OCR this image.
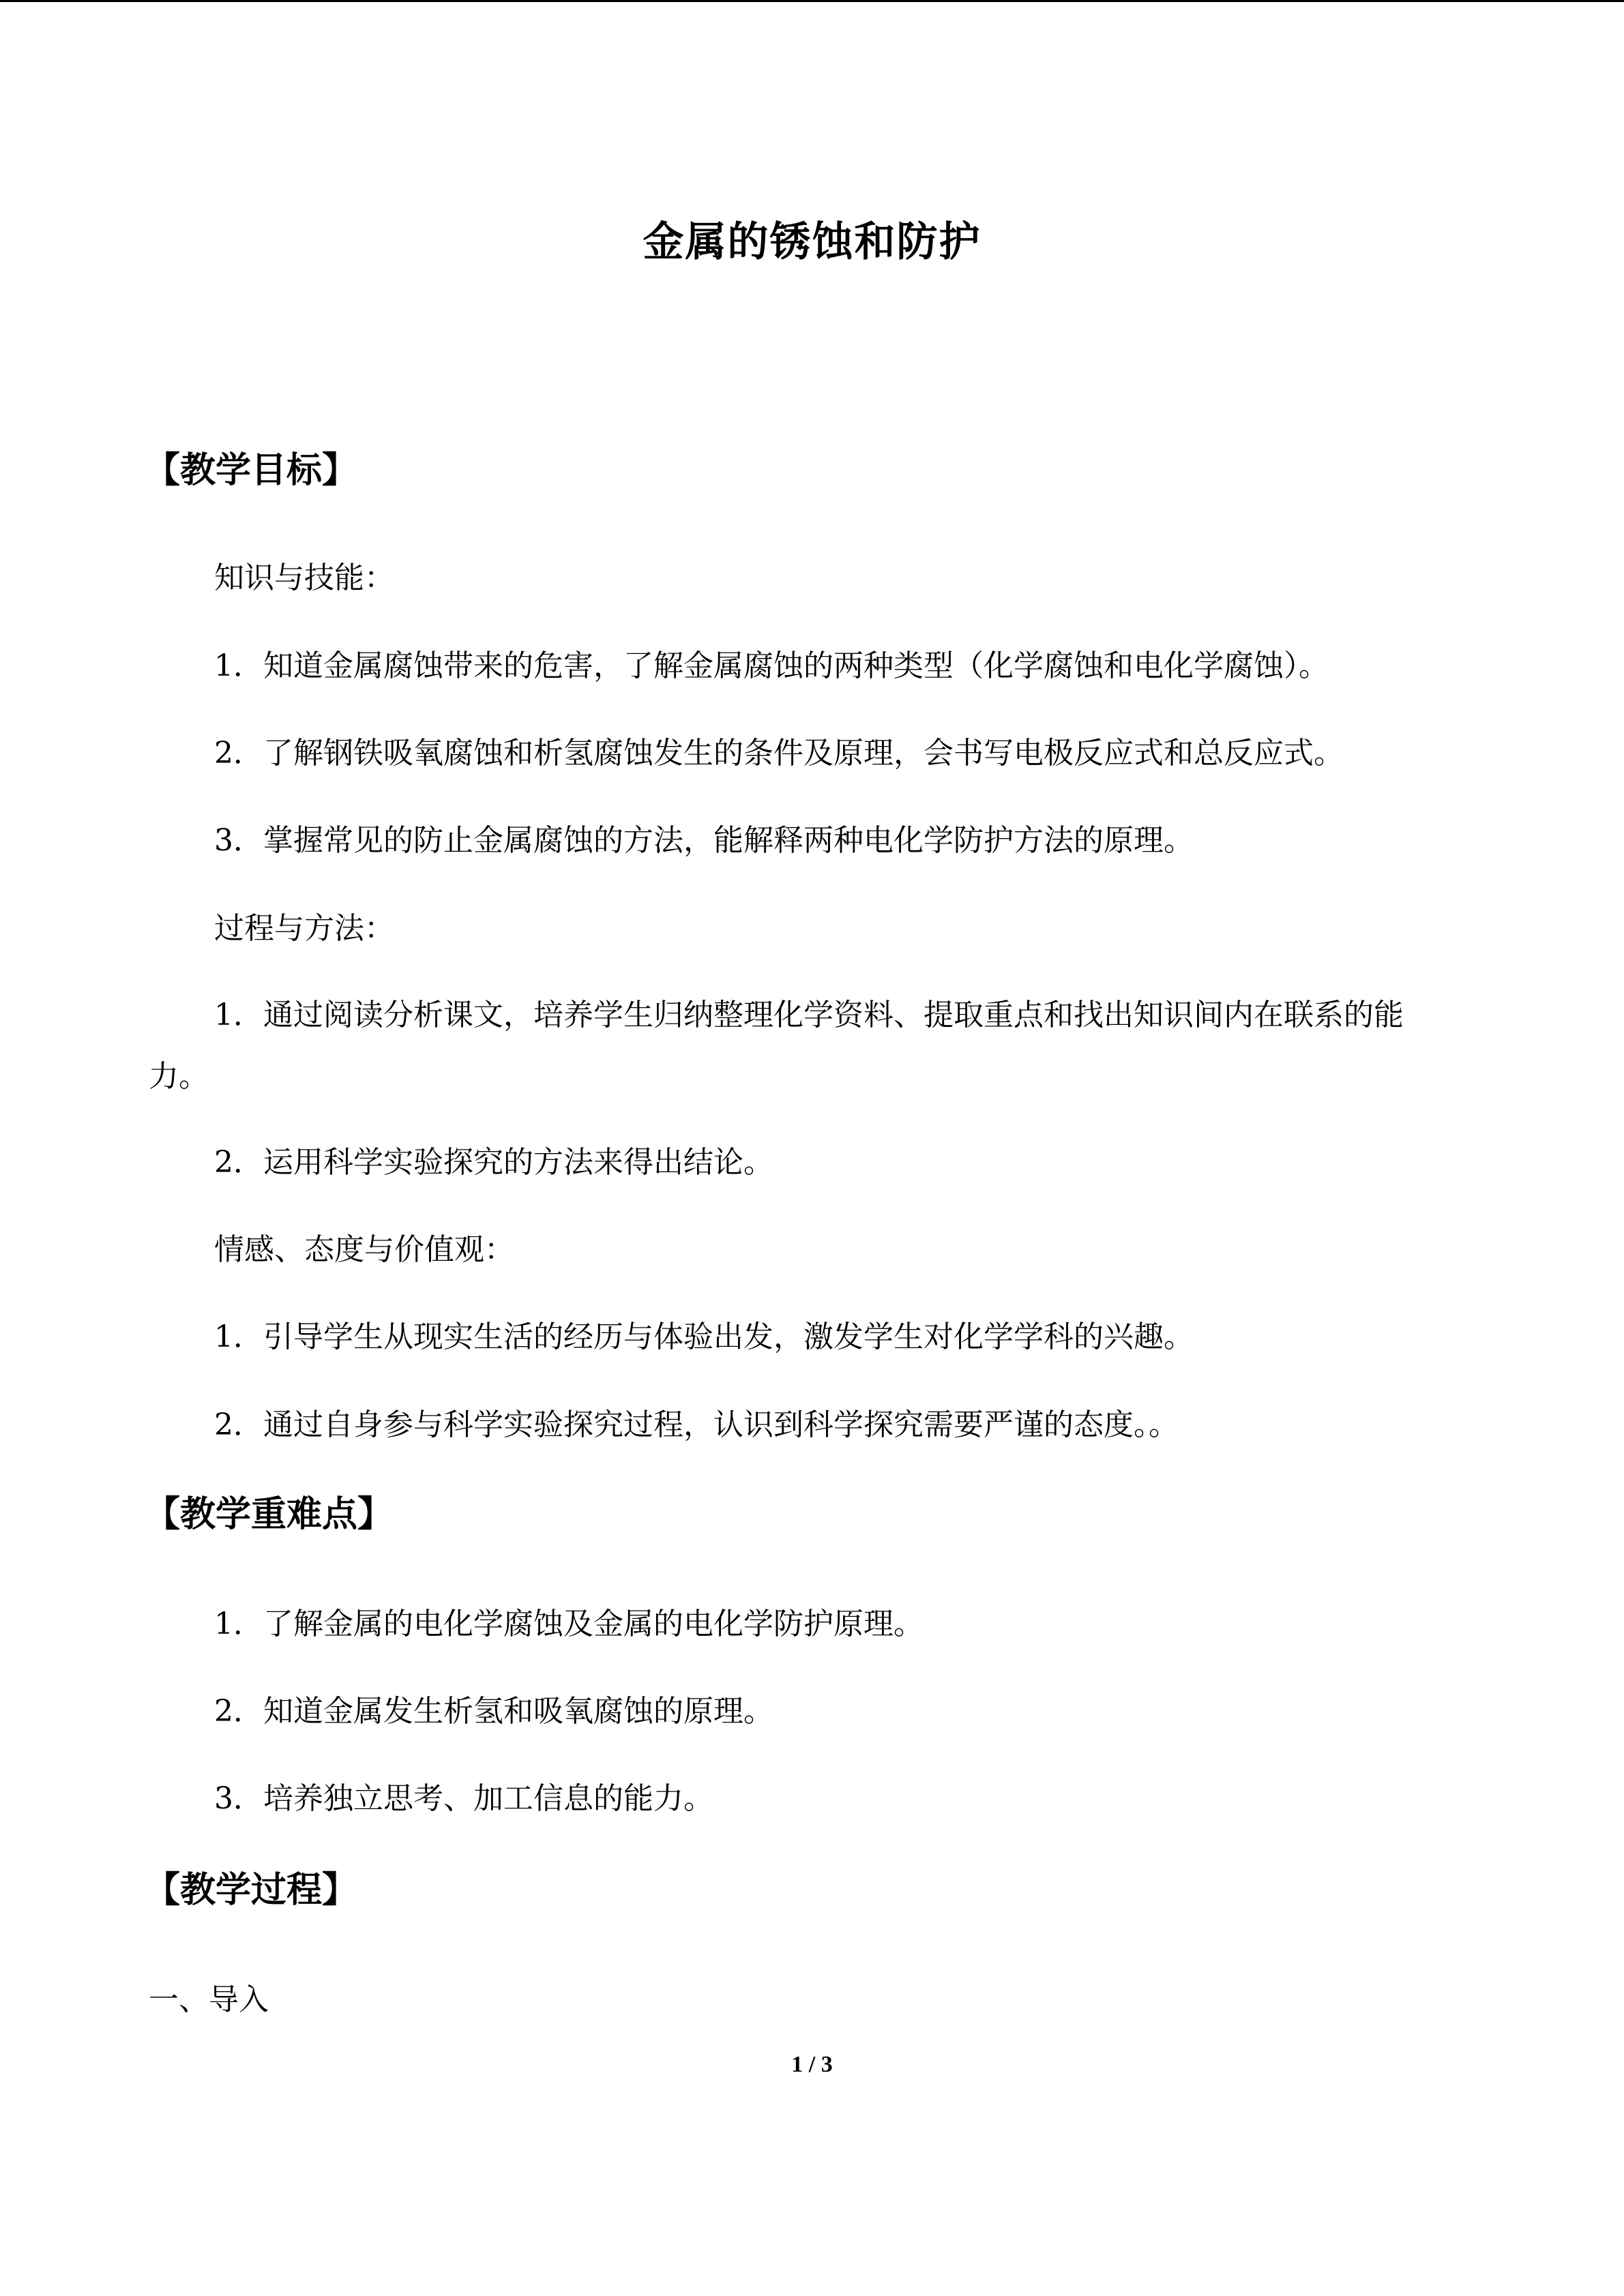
金属的锈蚀和防护
【教学目标】
知识与技能：
1．知道金属腐蚀带来的危害，了解金属腐蚀的两种类型（化学腐蚀和电化学腐蚀）。
2．了解钢铁吸氧腐蚀和析氢腐蚀发生的条件及原理，会书写电极反应式和总反应式。
3．掌握常见的防止金属腐蚀的方法，能解释两种电化学防护方法的原理。
过程与方法：
1．通过阅读分析课文，培养学生归纳整理化学资料、提取重点和找出知识间内在联系的能力。
2．运用科学实验探究的方法来得出结论。
情感、态度与价值观：
1．引导学生从现实生活的经历与体验出发，激发学生对化学学科的兴趣。
2．通过自身参与科学实验探究过程，认识到科学探究需要严谨的态度。。
【教学重难点】
1．了解金属的电化学腐蚀及金属的电化学防护原理。
2．知道金属发生析氢和吸氧腐蚀的原理。
3．培养独立思考、加工信息的能力。
【教学过程】
一、导入
1 / 3
